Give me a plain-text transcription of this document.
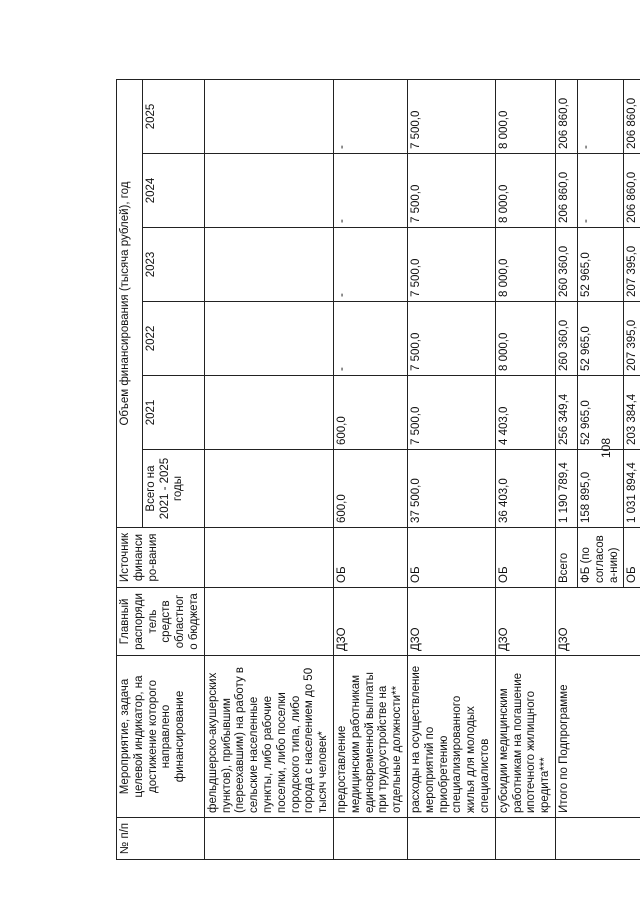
108
№ п/п	Мероприятие, задача целевой индикатор, на достижение которого направлено финансирование	Главный распорядитель средств областного бюджета	Источник финансиро-вания	Объем финансирования (тысяча рублей), год					
				Всего на 2021 - 2025 годы	2021	2022	2023	2024	2025
	фельдшерско-акушерских пунктов), прибывшим (переехавшим) на работу в сельские населенные пункты, либо рабочие поселки, либо поселки городского типа, либо города с населением до 50 тысяч человек*								
	предоставление медицинским работникам единовременной выплаты при трудоустройстве на отдельные должности**	ДЗО	ОБ	600,0	600,0	-	-	-	-
	расходы на осуществление мероприятий по приобретению специализированного жилья для молодых специалистов	ДЗО	ОБ	37 500,0	7 500,0	7 500,0	7 500,0	7 500,0	7 500,0
	субсидии медицинским работникам на погашение ипотечного жилищного кредита***	ДЗО	ОБ	36 403,0	4 403,0	8 000,0	8 000,0	8 000,0	8 000,0
	Итого по Подпрограмме	ДЗО	Всего	1 190 789,4	256 349,4	260 360,0	260 360,0	206 860,0	206 860,0
			ФБ (по согласова-нию)	158 895,0	52 965,0	52 965,0	52 965,0	-	-
			ОБ	1 031 894,4	203 384,4	207 395,0	207 395,0	206 860,0	206 860,0
